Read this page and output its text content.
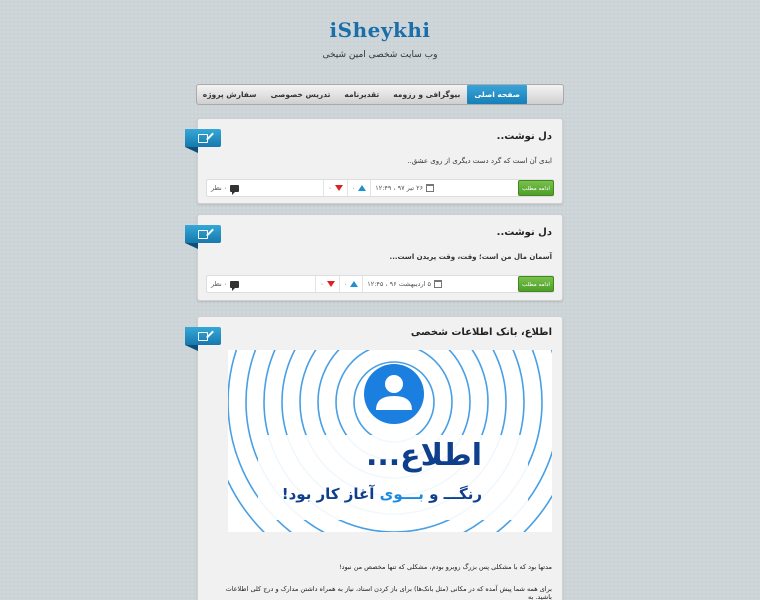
iSheykhi
وب سایت شخصی امین شیخی
صفحه اصلی
بیوگرافی و رزومه
تقدیرنامه
تدریس خصوصی
سفارش پروژه
دل نوشت..
ابدی آن است که گرد دست دیگری از روی عشق..
ادامه مطلب
۲۶ تیر ۹۷ ، ۱۲:۴۹
۰
۰
۰ نظر
دل نوشت..
آسمان مال من است؛ وقت، وقت پریدن است...
ادامه مطلب
۵ اردیبهشت ۹۶ ، ۱۲:۴۵
۰
۰
۰ نظر
اطلاع، بانک اطلاعات شخصی
اطلاع...
رنگـــ و بـــوی آغاز کار بود!
مدتها بود که با مشکلی پس بزرگ روبرو بودم، مشکلی که تنها مخصص من نبود!
برای همه شما پیش آمده که در مکانی (مثل بانک‌ها) برای باز کردن اسناد، نیاز به همراه داشتن مدارک و درج کلی اطلاعات باشید. به
